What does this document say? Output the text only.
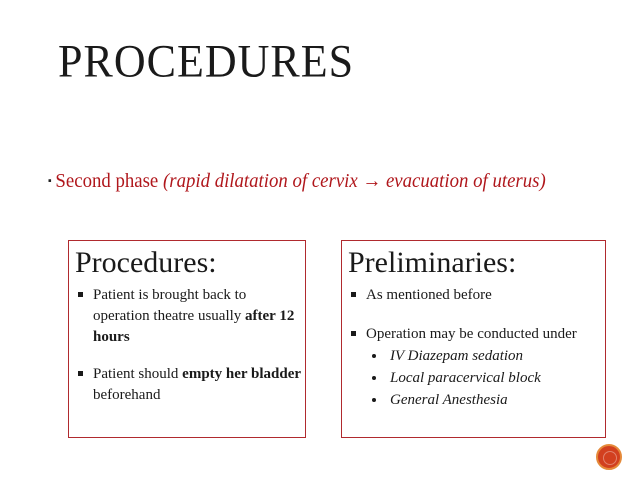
PROCEDURES
▪ Second phase (rapid dilatation of cervix → evacuation of uterus)
Procedures:
Patient is brought back to operation theatre usually after 12 hours
Patient should empty her bladder beforehand
Preliminaries:
As mentioned before
Operation may be conducted under
IV Diazepam sedation
Local paracervical block
General Anesthesia
